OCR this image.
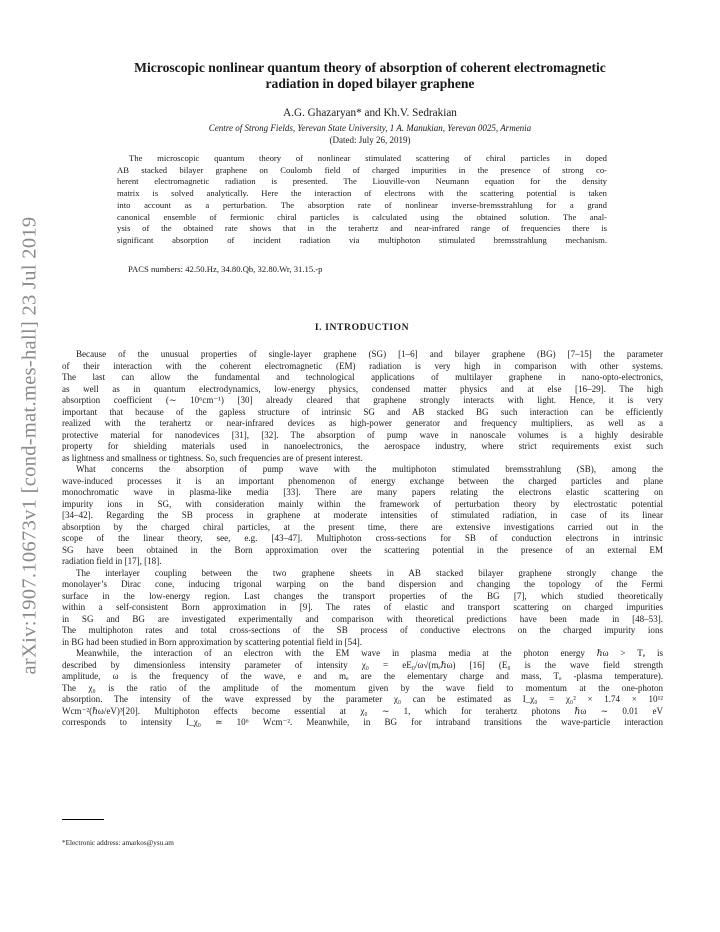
arXiv:1907.10673v1 [cond-mat.mes-hall] 23 Jul 2019
Microscopic nonlinear quantum theory of absorption of coherent electromagnetic
radiation in doped bilayer graphene
A.G. Ghazaryan* and Kh.V. Sedrakian
Centre of Strong Fields, Yerevan State University, 1 A. Manukian, Yerevan 0025, Armenia
(Dated: July 26, 2019)
The microscopic quantum theory of nonlinear stimulated scattering of chiral particles in doped
AB stacked bilayer graphene on Coulomb field of charged impurities in the presence of strong co-
herent electromagnetic radiation is presented. The Liouville-von Neumann equation for the density
matrix is solved analytically. Here the interaction of electrons with the scattering potential is taken
into account as a perturbation. The absorption rate of nonlinear inverse-bremsstrahlung for a grand
canonical ensemble of fermionic chiral particles is calculated using the obtained solution. The anal-
ysis of the obtained rate shows that in the terahertz and near-infrared range of frequencies there is
significant absorption of incident radiation via multiphoton stimulated bremsstrahlung mechanism.
PACS numbers: 42.50.Hz, 34.80.Qb, 32.80.Wr, 31.15.-p
I. INTRODUCTION
Because of the unusual properties of single-layer graphene (SG) [1–6] and bilayer graphene (BG) [7–15] the parameter
of their interaction with the coherent electromagnetic (EM) radiation is very high in comparison with other systems.
The last can allow the fundamental and technological applications of multilayer graphene in nano-opto-electronics,
as well as in quantum electrodynamics, low-energy physics, condensed matter physics and at else [16–29]. The high
absorption coefficient (∼ 10⁶cm⁻¹) [30] already cleared that graphene strongly interacts with light. Hence, it is very
important that because of the gapless structure of intrinsic SG and AB stacked BG such interaction can be efficiently
realized with the terahertz or near-infrared devices as high-power generator and frequency multipliers, as well as a
protective material for nanodevices [31], [32]. The absorption of pump wave in nanoscale volumes is a highly desirable
property for shielding materials used in nanoelectronics, the aerospace industry, where strict requirements exist such
as lightness and smallness or tightness. So, such frequencies are of present interest.
What concerns the absorption of pump wave with the multiphoton stimulated bremsstrahlung (SB), among the
wave-induced processes it is an important phenomenon of energy exchange between the charged particles and plane
monochromatic wave in plasma-like media [33]. There are many papers relating the electrons elastic scattering on
impurity ions in SG, with consideration mainly within the framework of perturbation theory by electrostatic potential
[34–42]. Regarding the SB process in graphene at moderate intensities of stimulated radiation, in case of its linear
absorption by the charged chiral particles, at the present time, there are extensive investigations carried out in the
scope of the linear theory, see, e.g. [43–47]. Multiphoton cross-sections for SB of conduction electrons in intrinsic
SG have been obtained in the Born approximation over the scattering potential in the presence of an external EM
radiation field in [17], [18].
The interlayer coupling between the two graphene sheets in AB stacked bilayer graphene strongly change the
monolayer’s Dirac cone, inducing trigonal warping on the band dispersion and changing the topology of the Fermi
surface in the low-energy region. Last changes the transport properties of the BG [7], which studied theoretically
within a self-consistent Born approximation in [9]. The rates of elastic and transport scattering on charged impurities
in SG and BG are investigated experimentally and comparison with theoretical predictions have been made in [48–53].
The multiphoton rates and total cross-sections of the SB process of conductive electrons on the charged impurity ions
in BG had been studied in Born approximation by scattering potential field in [54].
Meanwhile, the interaction of an electron with the EM wave in plasma media at the photon energy ℏω > Tₑ is
described by dimensionless intensity parameter of intensity χ₀ = eE₀/ω√(mₑℏω) [16] (E₀ is the wave field strength
amplitude, ω is the frequency of the wave, e and mₑ are the elementary charge and mass, Tₑ -plasma temperature).
The χ₀ is the ratio of the amplitude of the momentum given by the wave field to momentum at the one-photon
absorption. The intensity of the wave expressed by the parameter χ₀ can be estimated as I_χ₀ = χ₀² × 1.74 × 10¹²
Wcm⁻²(ℏω/eV)³[20]. Multiphoton effects become essential at χ₀ ∼ 1, which for terahertz photons ℏω ∼ 0.01 eV
corresponds to intensity I_χ₀ ≃ 10⁶ Wcm⁻². Meanwhile, in BG for intraband transitions the wave-particle interaction
*Electronic address: amarkos@ysu.am
